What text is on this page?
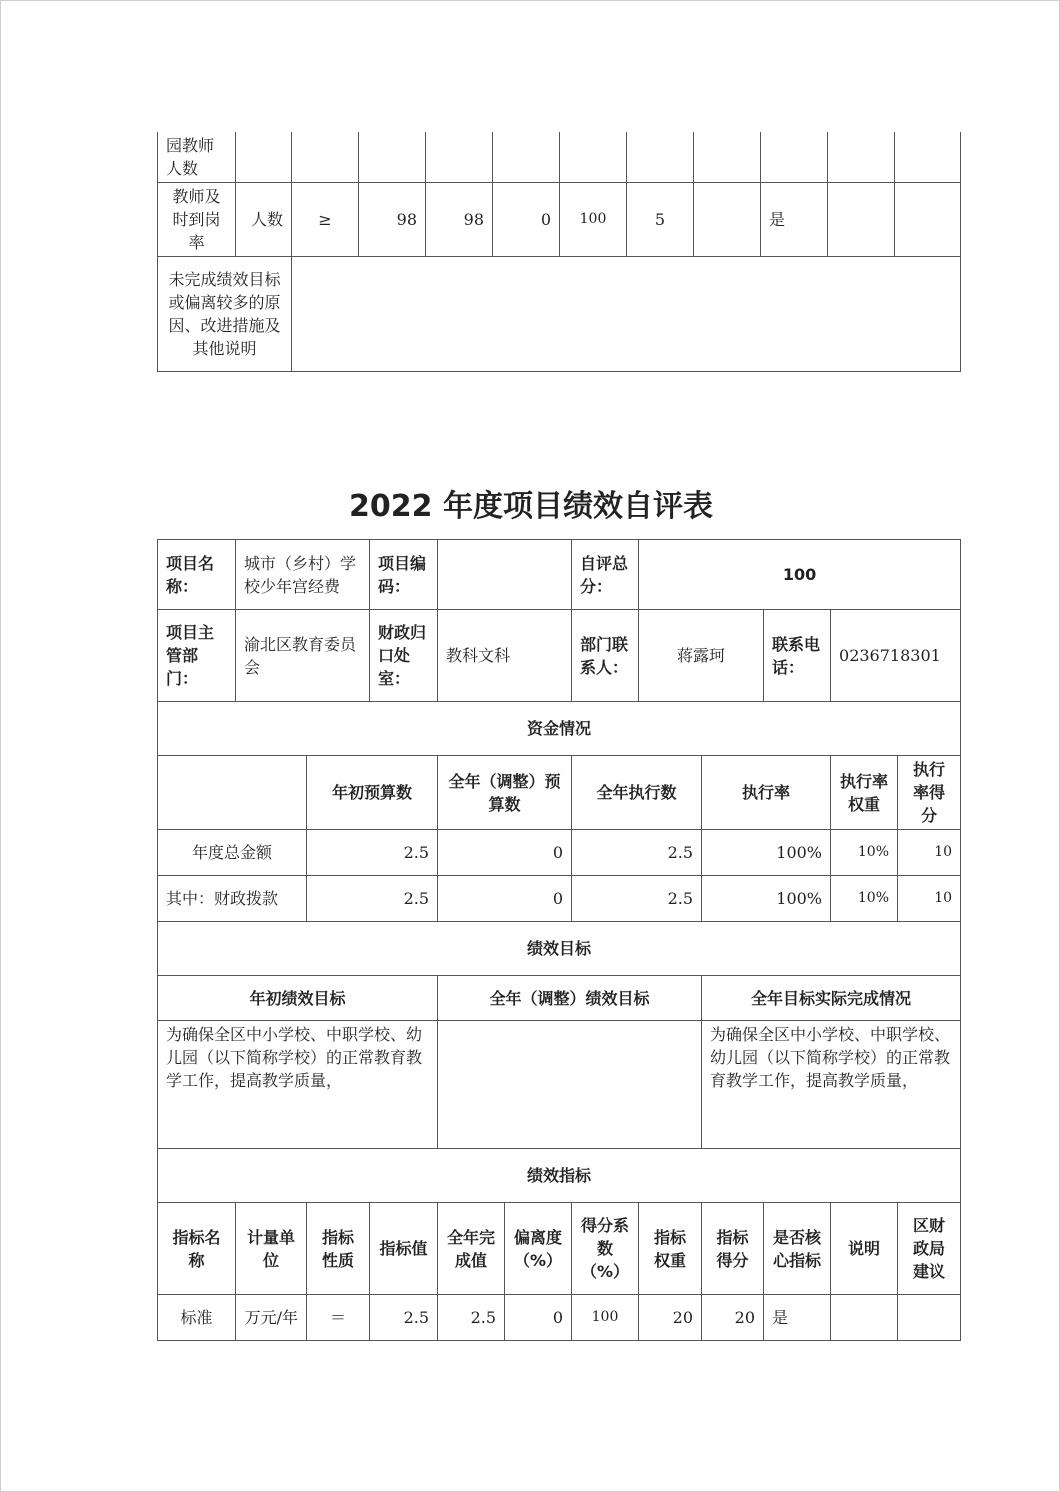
园教师人数											
教师及时到岗率	人数	≥	98	98	0	100	5		是		
未完成绩效目标或偏离较多的原因、改进措施及其他说明											
2022 年度项目绩效自评表
项目名称：	城市（乡村）学校少年宫经费		项目编码：			自评总分：	100				
项目主管部门：	渝北区教育委员会		财政归口处室：	教科文科		部门联系人：	蒋露珂		联系电话：	0236718301	
资金情况											
		年初预算数		全年（调整）预算数		全年执行数		执行率		执行率权重	执行率得分
年度总金额		2.5		0		2.5		100%		10%	10
其中：财政拨款		2.5		0		2.5		100%		10%	10
绩效目标											
年初绩效目标				全年（调整）绩效目标				全年目标实际完成情况			
为确保全区中小学校、中职学校、幼儿园（以下简称学校）的正常教育教学工作，提高教学质量，								为确保全区中小学校、中职学校、幼儿园（以下简称学校）的正常教育教学工作，提高教学质量，			
绩效指标											
指标名称	计量单位	指标性质	指标值	全年完成值	偏离度（%）	得分系数（%）	指标权重	指标得分	是否核心指标	说明	区财政局建议
标准	万元/年	＝	2.5	2.5	0	100	20	20	是		
